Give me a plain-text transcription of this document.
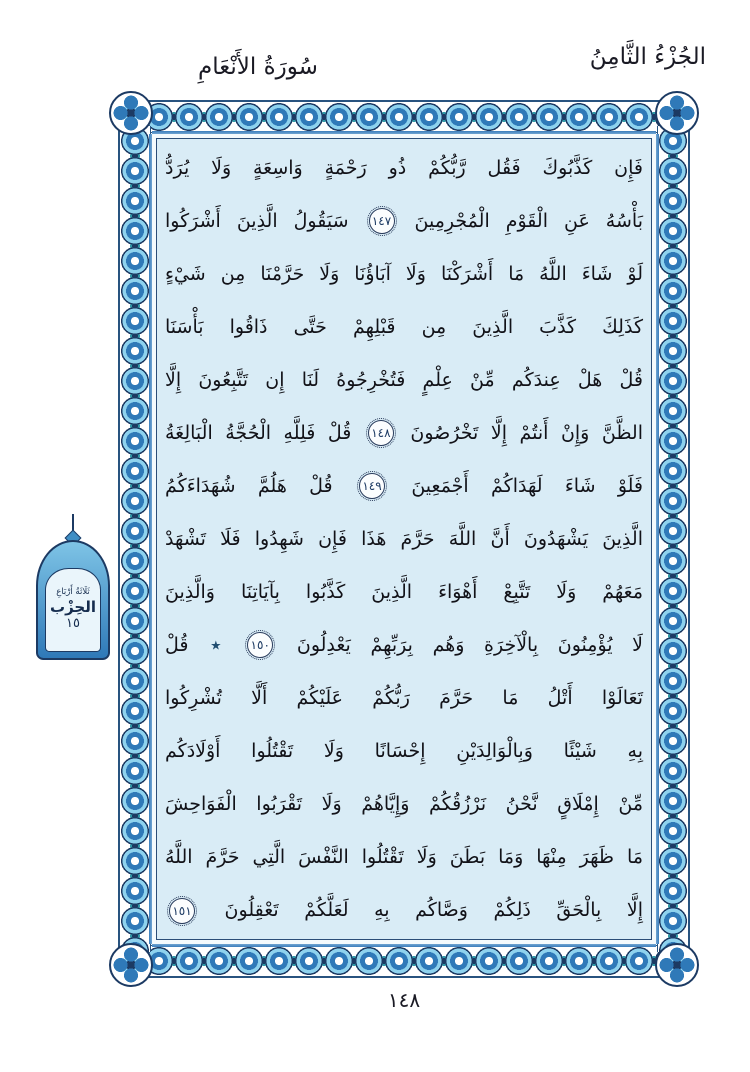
الجُزْءُ الثَّامِنُ
سُورَةُ الأَنْعَامِ
فَإِن كَذَّبُوكَ فَقُل رَّبُّكُمْ ذُو رَحْمَةٍ وَاسِعَةٍ وَلَا يُرَدُّ
بَأْسُهُ عَنِ الْقَوْمِ الْمُجْرِمِينَ ١٤٧ سَيَقُولُ الَّذِينَ أَشْرَكُوا
لَوْ شَاءَ اللَّهُ مَا أَشْرَكْنَا وَلَا آبَاؤُنَا وَلَا حَرَّمْنَا مِن شَيْءٍ
كَذَلِكَ كَذَّبَ الَّذِينَ مِن قَبْلِهِمْ حَتَّى ذَاقُوا بَأْسَنَا
قُلْ هَلْ عِندَكُم مِّنْ عِلْمٍ فَتُخْرِجُوهُ لَنَا إِن تَتَّبِعُونَ إِلَّا
الظَّنَّ وَإِنْ أَنتُمْ إِلَّا تَخْرُصُونَ ١٤٨ قُلْ فَلِلَّهِ الْحُجَّةُ الْبَالِغَةُ
فَلَوْ شَاءَ لَهَدَاكُمْ أَجْمَعِينَ ١٤٩ قُلْ هَلُمَّ شُهَدَاءَكُمُ
الَّذِينَ يَشْهَدُونَ أَنَّ اللَّهَ حَرَّمَ هَذَا فَإِن شَهِدُوا فَلَا تَشْهَدْ
مَعَهُمْ وَلَا تَتَّبِعْ أَهْوَاءَ الَّذِينَ كَذَّبُوا بِآيَاتِنَا وَالَّذِينَ
لَا يُؤْمِنُونَ بِالْآخِرَةِ وَهُم بِرَبِّهِمْ يَعْدِلُونَ ١٥٠ ٭ قُلْ
تَعَالَوْا أَتْلُ مَا حَرَّمَ رَبُّكُمْ عَلَيْكُمْ أَلَّا تُشْرِكُوا
بِهِ شَيْئًا وَبِالْوَالِدَيْنِ إِحْسَانًا وَلَا تَقْتُلُوا أَوْلَادَكُم
مِّنْ إِمْلَاقٍ نَّحْنُ نَرْزُقُكُمْ وَإِيَّاهُمْ وَلَا تَقْرَبُوا الْفَوَاحِشَ
مَا ظَهَرَ مِنْهَا وَمَا بَطَنَ وَلَا تَقْتُلُوا النَّفْسَ الَّتِي حَرَّمَ اللَّهُ
إِلَّا بِالْحَقِّ ذَلِكُمْ وَصَّاكُم بِهِ لَعَلَّكُمْ تَعْقِلُونَ ١٥١
ثَلَاثَةُ أَرْبَاعِ
الحِزْب
١٥
١٤٨
